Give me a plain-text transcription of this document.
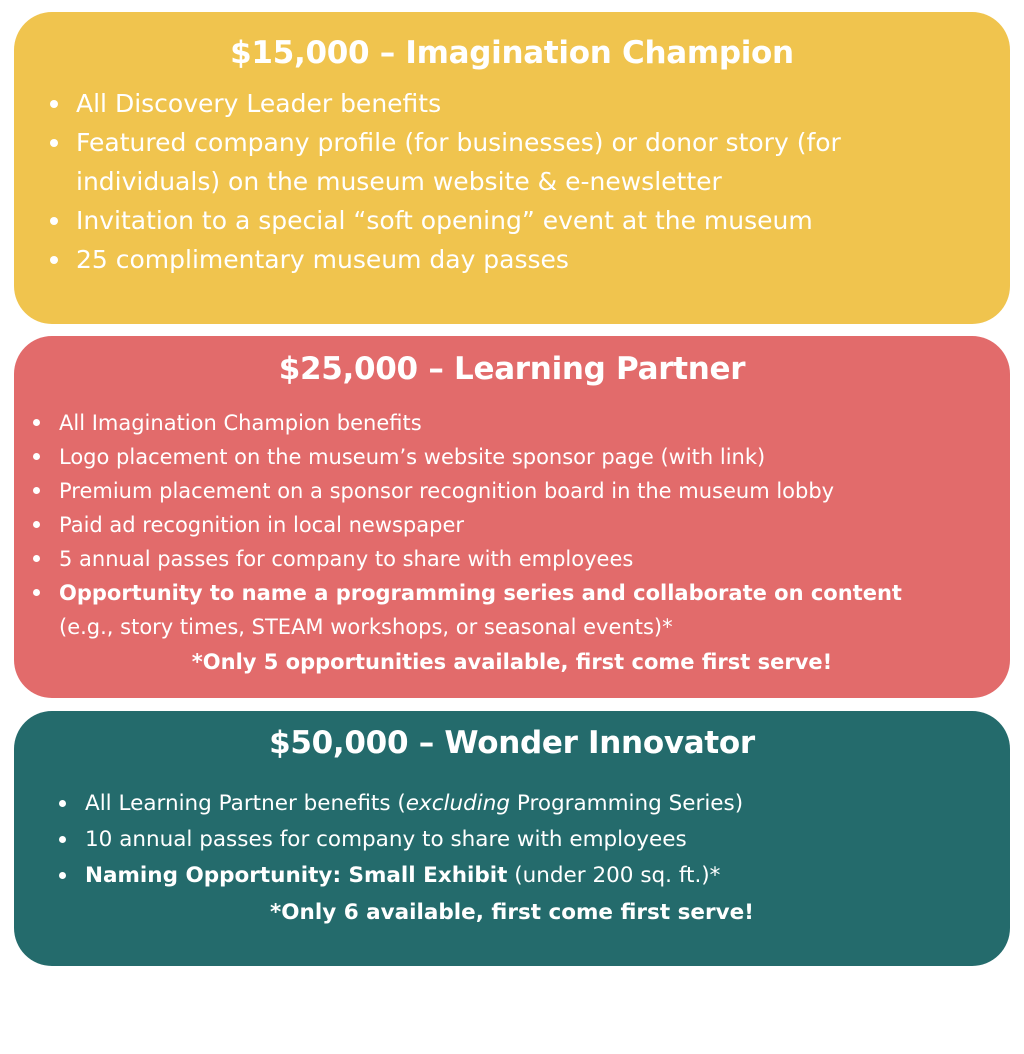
$15,000 – Imagination Champion
All Discovery Leader benefits
Featured company profile (for businesses) or donor story (for individuals) on the museum website & e-newsletter
Invitation to a special “soft opening” event at the museum
25 complimentary museum day passes
$25,000 – Learning Partner
All Imagination Champion benefits
Logo placement on the museum’s website sponsor page (with link)
Premium placement on a sponsor recognition board in the museum lobby
Paid ad recognition in local newspaper
5 annual passes for company to share with employees
Opportunity to name a programming series and collaborate on content
(e.g., story times, STEAM workshops, or seasonal events)*

*Only 5 opportunities available, first come first serve!

$50,000 – Wonder Innovator
All Learning Partner benefits (excluding Programming Series)
10 annual passes for company to share with employees
Naming Opportunity: Small Exhibit (under 200 sq. ft.)*

*Only 6 available, first come first serve!
